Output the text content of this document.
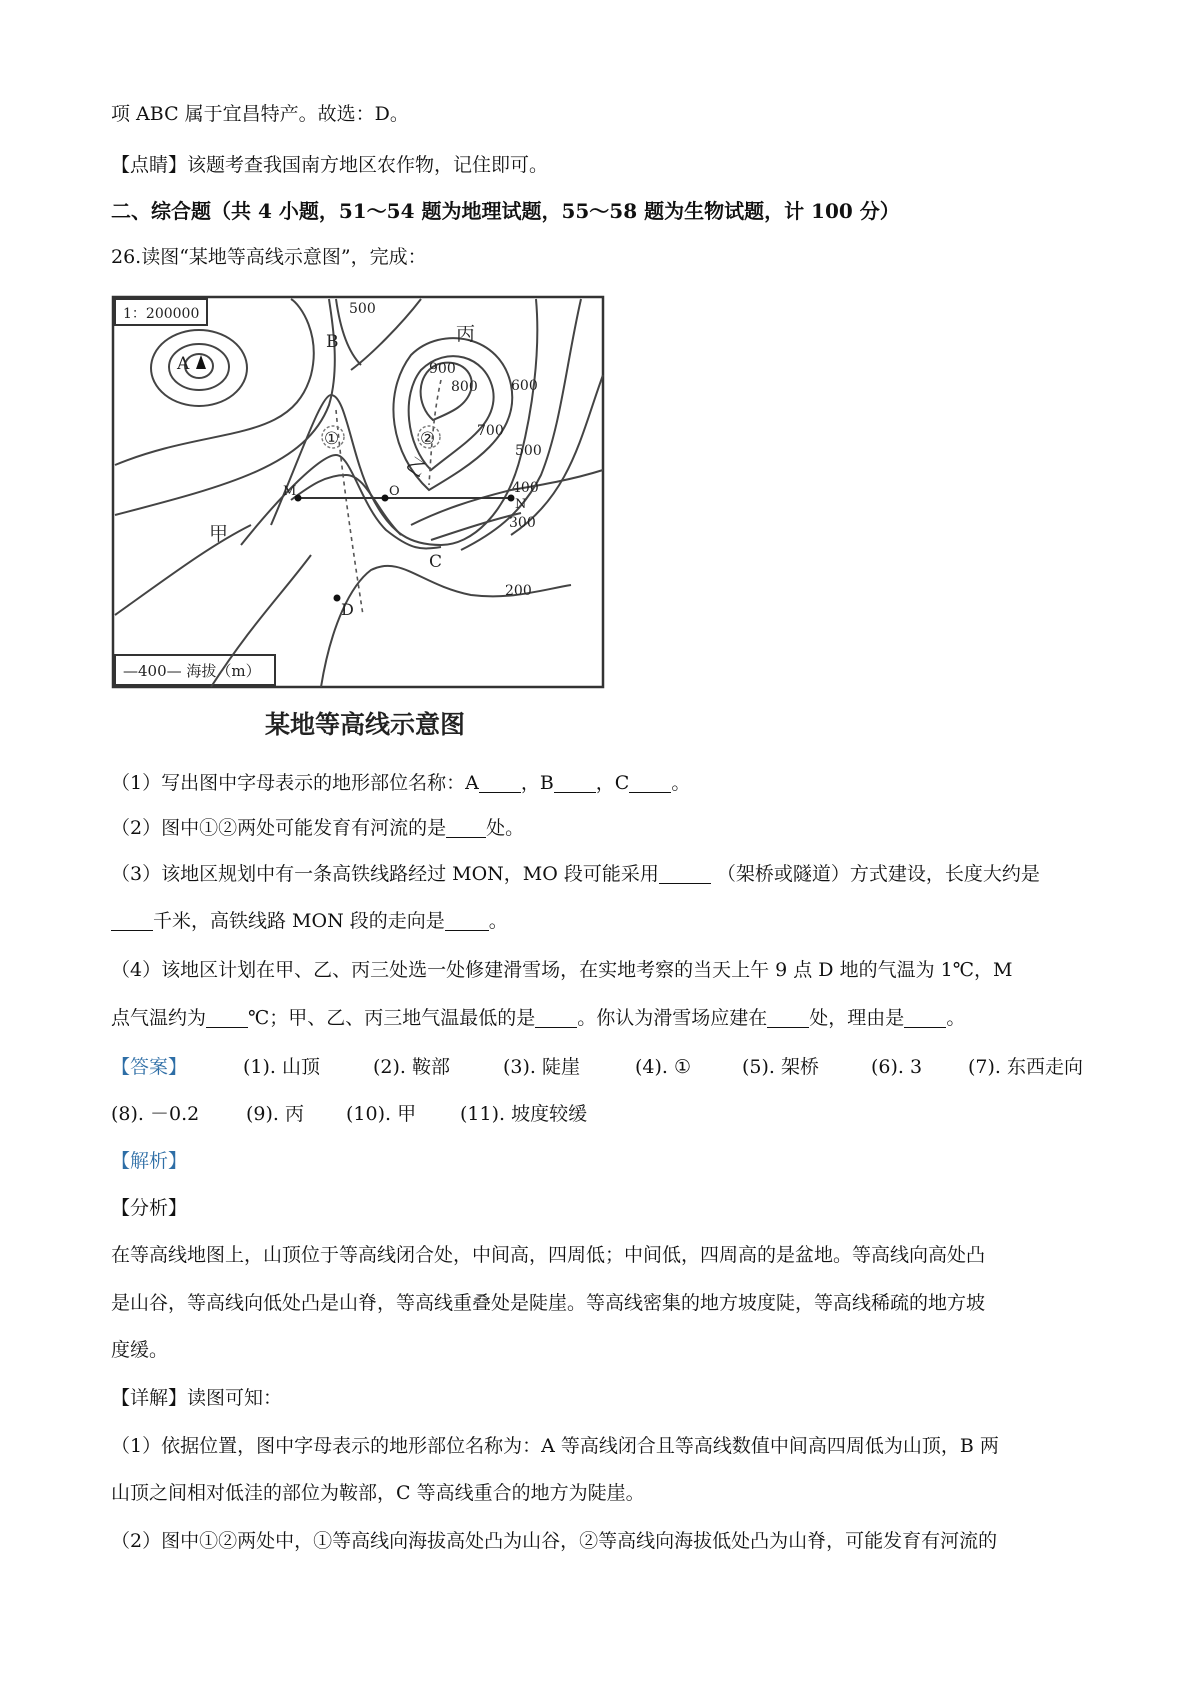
项 ABC 属于宜昌特产。故选：D。
【点睛】该题考查我国南方地区农作物，记住即可。
二、综合题（共 4 小题，51～54 题为地理试题，55～58 题为生物试题，计 100 分）
26.读图“某地等高线示意图”，完成：
1：200000
—400— 海拔（m）
A
B
C
D
M	O
N
甲
乙
丙
①	②
500
900
800
700
600
500
400
300
200
某地等高线示意图
（1）写出图中字母表示的地形部位名称：A ，B ，C 。
（2）图中①②两处可能发育有河流的是 处。
（3）该地区规划中有一条高铁线路经过 MON，MO 段可能采用	（架桥或隧道）方式建设，长度大约是
千米，高铁线路 MON 段的走向是 。
（4）该地区计划在甲、乙、丙三处选一处修建滑雪场，在实地考察的当天上午 9 点 D 地的气温为 1℃，M
点气温约为 ℃；甲、乙、丙三地气温最低的是 。你认为滑雪场应建在 处，理由是 。
【答案】	(1). 山顶	(2). 鞍部	(3). 陡崖	(4). ①	(5). 架桥	(6). 3 (7). 东西走向
(8). －0.2 (9). 丙 (10). 甲 (11). 坡度较缓
【解析】
【分析】
在等高线地图上，山顶位于等高线闭合处，中间高，四周低；中间低，四周高的是盆地。等高线向高处凸
是山谷，等高线向低处凸是山脊，等高线重叠处是陡崖。等高线密集的地方坡度陡，等高线稀疏的地方坡
度缓。
【详解】读图可知：
（1）依据位置，图中字母表示的地形部位名称为：A 等高线闭合且等高线数值中间高四周低为山顶，B 两
山顶之间相对低洼的部位为鞍部，C 等高线重合的地方为陡崖。
（2）图中①②两处中，①等高线向海拔高处凸为山谷，②等高线向海拔低处凸为山脊，可能发育有河流的
